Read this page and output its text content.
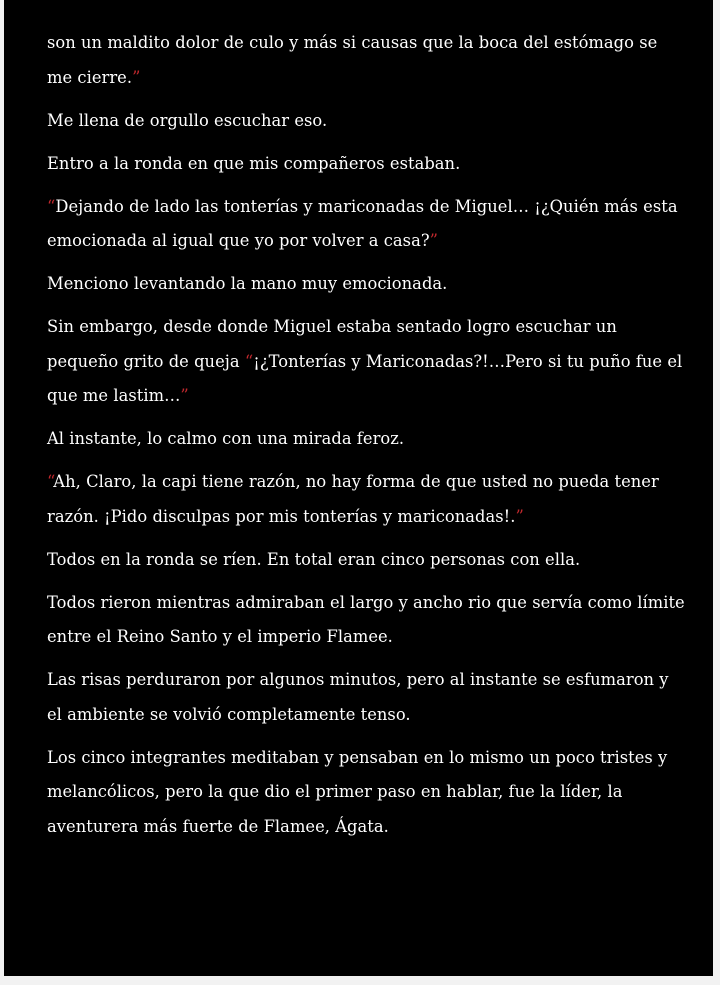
son un maldito dolor de culo y más si causas que la boca del estómago se me cierre.”

Me llena de orgullo escuchar eso.

Entro a la ronda en que mis compañeros estaban.

“Dejando de lado las tonterías y mariconadas de Miguel… ¡¿Quién más esta emocionada al igual que yo por volver a casa?”

Menciono levantando la mano muy emocionada.

Sin embargo, desde donde Miguel estaba sentado logro escuchar un pequeño grito de queja “¡¿Tonterías y Mariconadas?!…Pero si tu puño fue el que me lastim…”

Al instante, lo calmo con una mirada feroz.

“Ah, Claro, la capi tiene razón, no hay forma de que usted no pueda tener razón. ¡Pido disculpas por mis tonterías y mariconadas!.”

Todos en la ronda se ríen. En total eran cinco personas con ella.

Todos rieron mientras admiraban el largo y ancho rio que servía como límite entre el Reino Santo y el imperio Flamee.

Las risas perduraron por algunos minutos, pero al instante se esfumaron y el ambiente se volvió completamente tenso.

Los cinco integrantes meditaban y pensaban en lo mismo un poco tristes y melancólicos, pero la que dio el primer paso en hablar, fue la líder, la aventurera más fuerte de Flamee, Ágata.
